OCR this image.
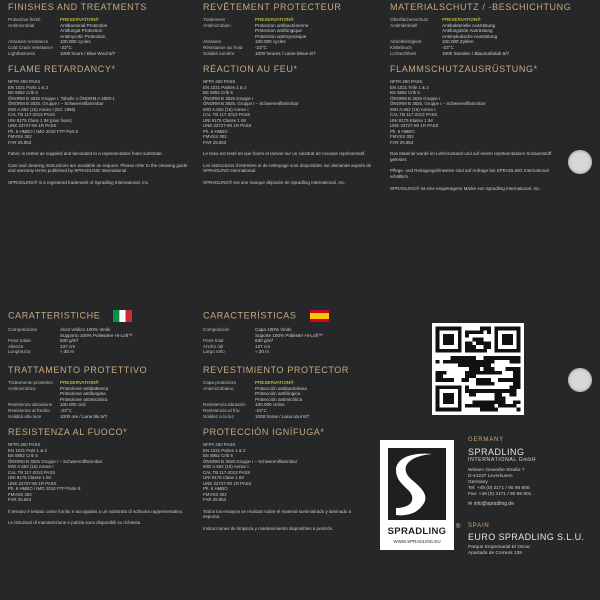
FINISHES AND TREATMENTS
Protective finish	PRESERVATION®
Antimicrobial	Antibacterial Protection
Antifungal Protection
Antimycotic Protection
Abrasion resistance	100.000 cycles
Cold Crack resistance	-23°C
Lightfastness	1000 hours / Blue Wool 6/7
FLAME RETARDANCY*
NFPA 260 PASS
EN 1021 Parts 1 & 2
BS 5852 Crib 5
ÖNORM B 3825 Gruppe I, Tabelle 1 ÖNORM A 3800-1
ÖNORM B 3825, Gruppe I – Schwerentflammbar
IMO A.652 (16) Annex I (Ed. 1996)
CAL TB 117-2013 PASS
UNI 9175 Class 1 IM (plus foam)
UNE 23727-90 1R PASS
Ph. 6 HMBO / IMO 2010 FTP Part 8
FMVSS 302
FAR 25.853
Fabric is tested as supplied and laminated to a representative foam substrate.
Care and cleaning instructions are available on request. Please refer to the cleaning guide and warranty terms published by SPRADLING International.
SPRADLING® is a registered trademark of Spradling International, Inc.
REVÊTEMENT PROTECTEUR
Traitement	PRESERVATION®
Antimicrobien	Protection antibactérienne
Protection antifongique
Protection antimycosique
Abrasion	100.000 cycles
Résistance au froid	-23°C
Solidité lumière	1000 heures / Laine bleue 6/7
RÉACTION AU FEU*
NFPA 260 PASS
EN 1021 Parties 1 & 2
BS 5852 Crib 5
ÖNORM B 3825 Gruppe I
ÖNORM B 3825, Gruppe I – Schwerentflammbar
IMO A.652 (16) Annex I
CAL TB 117-2013 PASS
UNI 9175 Classe 1 IM
UNE 23727-90 1R PASS
Ph. 6 HMBO
FMVSS 302
FAR 25.853
Le tissu est testé tel que fourni et laminé sur un substrat de mousse représentatif.
Les instructions d’entretien et de nettoyage sont disponibles sur demande auprès de SPRADLING International.
SPRADLING® est une marque déposée de Spradling International, Inc.
MATERIALSCHUTZ / -BESCHICHTUNG
Oberflächenschutz	PRESERVATION®
Antimikrobiell	Antibakterielle Ausrüstung
Antifungizide Ausrüstung
Antimykotische Ausrüstung
Abriebfestigkeit	100.000 Zyklen
Kältebruch	-23°C
Lichtechtheit	1000 Stunden / Blaumaßstab 6/7
FLAMMSCHUTZAUSRÜSTUNG*
NFPA 260 PASS
EN 1021 Teile 1 & 2
BS 5852 Crib 5
ÖNORM B 3825 Gruppe I
ÖNORM B 3825, Gruppe I – Schwerentflammbar
IMO A.652 (16) Annex I
CAL TB 117-2013 PASS
UNI 9175 Klasse 1 IM
UNE 23727-90 1R PASS
Ph. 6 HMBO
FMVSS 302
FAR 25.853
Das Material wurde im Lieferzustand und auf einem repräsentativen Schaumstoff getestet.
Pflege- und Reinigungshinweise sind auf Anfrage bei SPRADLING International erhältlich.
SPRADLING® ist eine eingetragene Marke von Spradling International, Inc.
CARATTERISTICHE
Composizione	Alcol vinilico 100% Vinile
Supporto 100% Poliestere Hi-Loft™
Peso totale	630 g/m²
Altezza	137 cm
Lunghezza	≈ 30 m
TRATTAMENTO PROTETTIVO
Trattamento protettivo	PRESERVATION®
Antimicrobico	Protezione antibatterica
Protezione antifungina
Protezione antimicotica
Resistenza abrasione	100.000 cicli
Resistenza al freddo	-23°C
Solidità alla luce	1000 ore / Lana blu 6/7
RESISTENZA AL FUOCO*
NFPA 260 PASS
EN 1021 Parti 1 & 2
BS 5852 Crib 5
ÖNORM B 3825 Gruppe I – Schwerentflammbar
IMO A.652 (16) Annex I
CAL TB 117-2013 PASS
UNI 9175 Classe 1 IM
UNE 23727-90 1R PASS
Ph. 6 HMBO / IMO 2010 FTP Parte 8
FMVSS 302
FAR 25.853
Il tessuto è testato come fornito e accoppiato a un substrato di schiuma rappresentativo.
Le istruzioni di manutenzione e pulizia sono disponibili su richiesta.
CARACTERÍSTICAS
Composición	Capa 100% Vinilo
Soporte 100% Poliéster Hi-Loft™
Peso total	630 g/m²
Ancho útil	137 cm
Largo rollo	≈ 30 m
REVESTIMIENTO PROTECTOR
Capa protectora	PRESERVATION®
Antimicrobiano	Protección antibacteriana
Protección antifúngica
Protección antimicótica
Resistencia abrasión	100.000 ciclos
Resistencia al frío	-23°C
Solidez a la luz	1000 horas / Lana azul 6/7
PROTECCIÓN IGNÍFUGA*
NFPA 260 PASS
EN 1021 Partes 1 & 2
BS 5852 Crib 5
ÖNORM B 3825 Gruppe I – Schwerentflammbar
IMO A.652 (16) Annex I
CAL TB 117-2013 PASS
UNI 9175 Clase 1 IM
UNE 23727-90 1R PASS
Ph. 6 HMBO
FMVSS 302
FAR 25.853
Todos los ensayos se realizan sobre el material suministrado y laminado a espuma.
Instrucciones de limpieza y mantenimiento disponibles a petición.	SPRADLING
WWW.SPRADLING.EU
®
GERMANY
SPRADLING
INTERNATIONAL GmbH
Wiesen Gewerbe Straße 7
D-41237 Leverkusen
Germany
Tel: +49 (0) 2171 / 90 96 800
Fax: +49 (0) 2171 / 90 96 801
✉ info@spradling.de
SPAIN
EURO SPRADLING S.L.U.
Parque Empresarial El Oscar
Apartado de Correos 138
